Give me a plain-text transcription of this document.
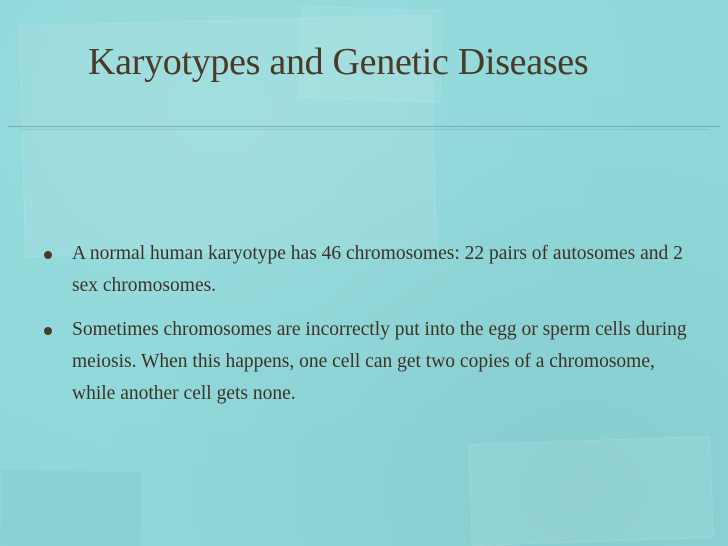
Karyotypes and Genetic Diseases
A normal human karyotype has 46 chromosomes: 22 pairs of autosomes and 2 sex chromosomes.
Sometimes chromosomes are incorrectly put into the egg or sperm cells during meiosis. When this happens, one cell can get two copies of a chromosome, while another cell gets none.
